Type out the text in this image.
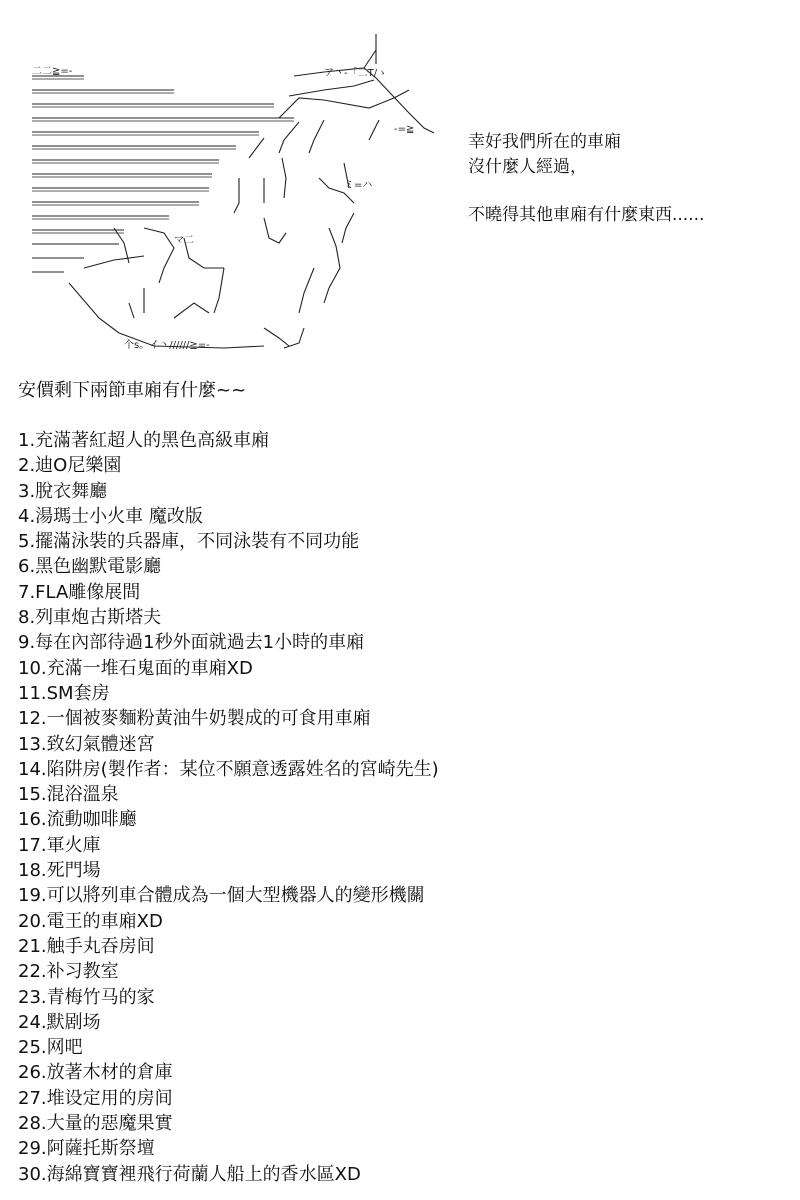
二二≧=-	ア丶-「二T/ゝ
-=≧
ミ=ハ
マ二
个s。イ丶//////≧=-
幸好我們所在的車廂
沒什麼人經過，
不曉得其他車廂有什麼東西......
安價剩下兩節車廂有什麼~~
1.充滿著紅超人的黑色高級車廂
2.迪O尼樂園
3.脫衣舞廳
4.湯瑪士小火車 魔改版
5.擺滿泳裝的兵器庫，不同泳裝有不同功能
6.黑色幽默電影廳
7.FLA雕像展間
8.列車炮古斯塔夫
9.每在內部待過1秒外面就過去1小時的車廂
10.充滿一堆石鬼面的車廂XD
11.SM套房
12.一個被麥麵粉黃油牛奶製成的可食用車廂
13.致幻氣體迷宮
14.陷阱房(製作者：某位不願意透露姓名的宮崎先生)
15.混浴溫泉
16.流動咖啡廳
17.軍火庫
18.死門場
19.可以將列車合體成為一個大型機器人的變形機關
20.電王的車廂XD
21.触手丸吞房间
22.补习教室
23.青梅竹马的家
24.默剧场
25.网吧
26.放著木材的倉庫
27.堆设定用的房间
28.大量的惡魔果實
29.阿薩托斯祭壇
30.海綿寶寶裡飛行荷蘭人船上的香水區XD
